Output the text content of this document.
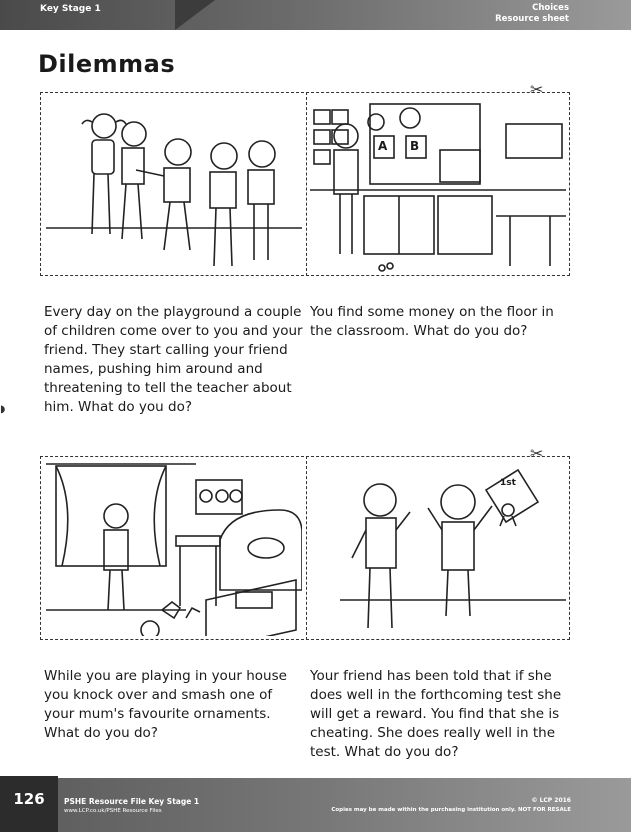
Key Stage 1	Choices
Resource sheet
Dilemmas
✂
✂
A B
1st
Every day on the playground a couple of children come over to you and your friend. They start calling your friend names, pushing him around and threatening to tell the teacher about him. What do you do?
You find some money on the floor in the classroom. What do you do?
While you are playing in your house you knock over and smash one of your mum's favourite ornaments. What do you do?
Your friend has been told that if she does well in the forthcoming test she will get a reward. You find that she is cheating. She does really well in the test. What do you do?
◗
126	PSHE Resource File Key Stage 1
www.LCP.co.uk/PSHE Resource Files
© LCP 2016
Copies may be made within the purchasing institution only. NOT FOR RESALE
